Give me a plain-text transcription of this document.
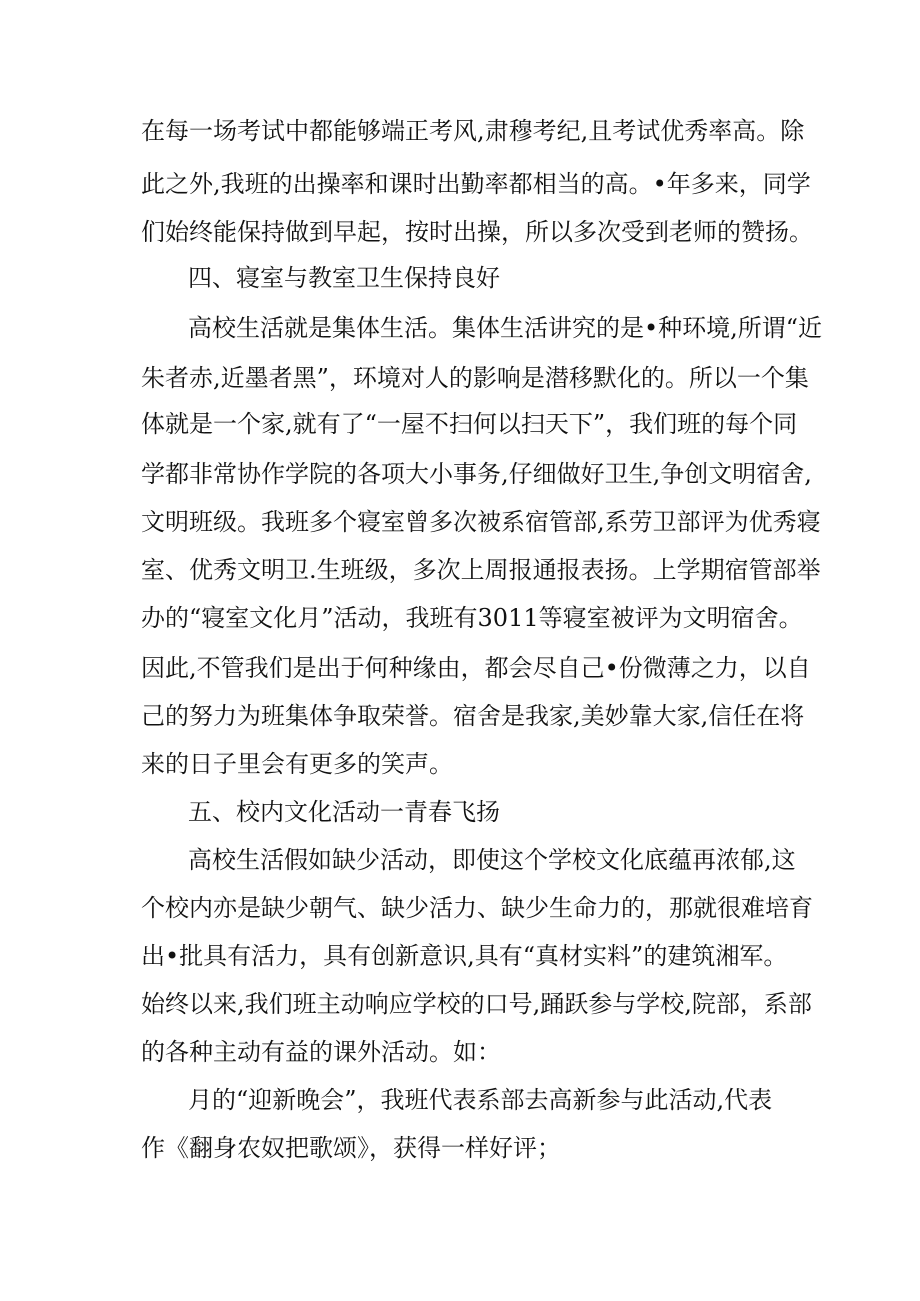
在每一场考试中都能够端正考风,肃穆考纪,且考试优秀率高。除
此之外,我班的出操率和课时出勤率都相当的高。•年多来，同学
们始终能保持做到早起，按时出操，所以多次受到老师的赞扬。
四、寝室与教室卫生保持良好
高校生活就是集体生活。集体生活讲究的是•种环境,所谓“近
朱者赤,近墨者黑”，环境对人的影响是潜移默化的。所以一个集
体就是一个家,就有了“一屋不扫何以扫天下”，我们班的每个同
学都非常协作学院的各项大小事务,仔细做好卫生,争创文明宿舍,
文明班级。我班多个寝室曾多次被系宿管部,系劳卫部评为优秀寝
室、优秀文明卫.生班级，多次上周报通报表扬。上学期宿管部举
办的“寝室文化月”活动，我班有3011等寝室被评为文明宿舍。
因此,不管我们是出于何种缘由，都会尽自己•份微薄之力，以自
己的努力为班集体争取荣誉。宿舍是我家,美妙靠大家,信任在将
来的日子里会有更多的笑声。
五、校内文化活动一青春飞扬
高校生活假如缺少活动，即使这个学校文化底蕴再浓郁,这
个校内亦是缺少朝气、缺少活力、缺少生命力的，那就很难培育
出•批具有活力，具有创新意识,具有“真材实料”的建筑湘军。
始终以来,我们班主动响应学校的口号,踊跃参与学校,院部，系部
的各种主动有益的课外活动。如：
月的“迎新晚会”，我班代表系部去高新参与此活动,代表
作《翻身农奴把歌颂》，获得一样好评；
